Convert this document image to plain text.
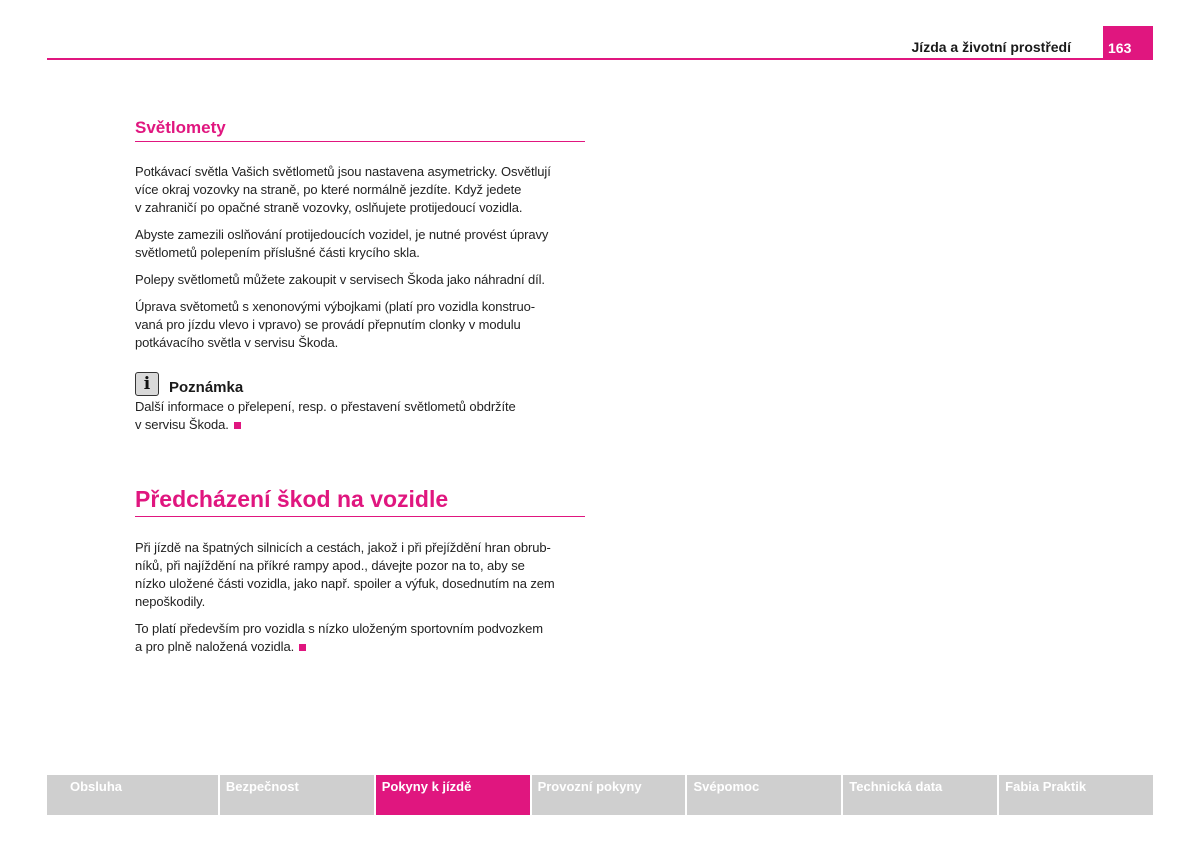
163
Jízda a životní prostředí
Světlomety

Potkávací světla Vašich světlometů jsou nastavena asymetricky. Osvětlují
více okraj vozovky na straně, po které normálně jezdíte. Když jedete
v zahraničí po opačné straně vozovky, oslňujete protijedoucí vozidla.

Abyste zamezili oslňování protijedoucích vozidel, je nutné provést úpravy
světlometů polepením příslušné části krycího skla.

Polepy světlometů můžete zakoupit v servisech Škoda jako náhradní díl.

Úprava světometů s xenonovými výbojkami (platí pro vozidla konstruo-
vaná pro jízdu vlevo i vpravo) se provádí přepnutím clonky v modulu
potkávacího světla v servisu Škoda.

i	Poznámka

Další informace o přelepení, resp. o přestavení světlometů obdržíte
v servisu Škoda.

Předcházení škod na vozidle

Při jízdě na špatných silnicích a cestách, jakož i při přejíždění hran obrub-
níků, při najíždění na příkré rampy apod., dávejte pozor na to, aby se
nízko uložené části vozidla, jako např. spoiler a výfuk, dosednutím na zem
nepoškodily.

To platí především pro vozidla s nízko uloženým sportovním podvozkem
a pro plně naložená vozidla.

Obsluha	Bezpečnost	Pokyny k jízdě	Provozní pokyny	Svépomoc	Technická data	Fabia Praktik
